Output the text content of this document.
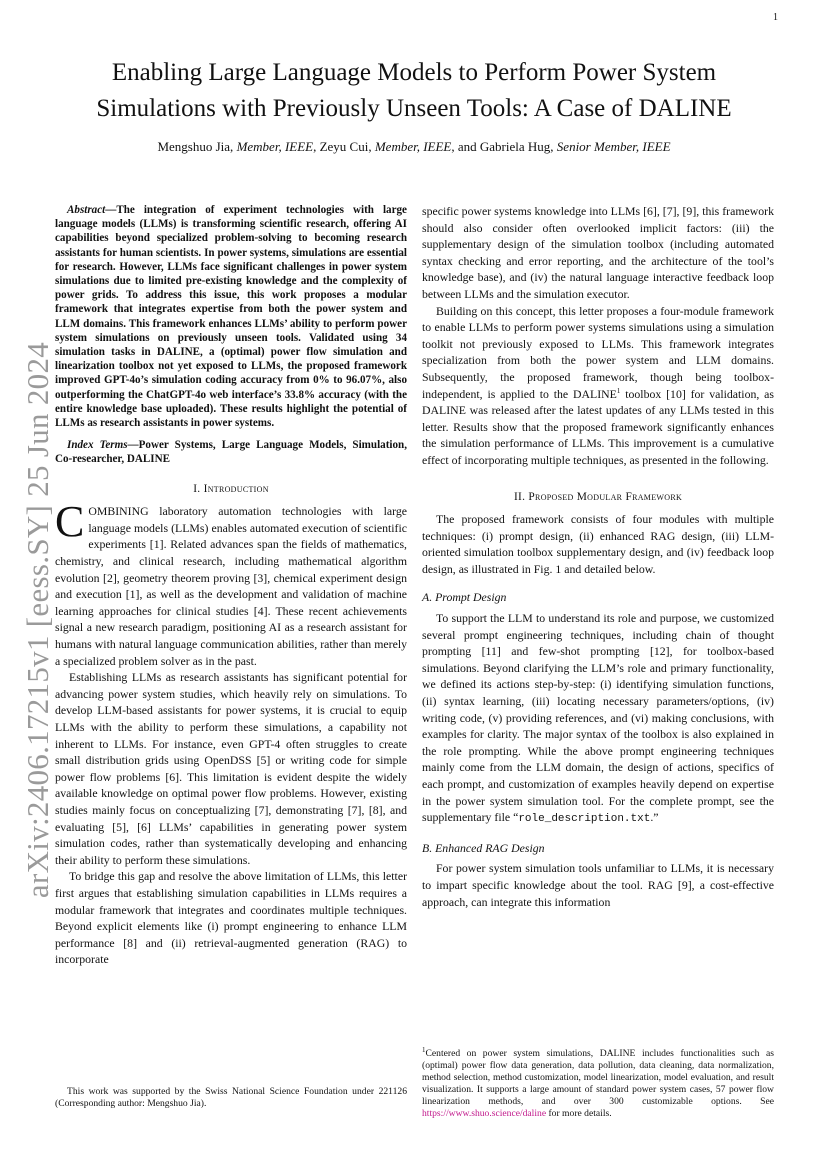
1
arXiv:2406.17215v1 [eess.SY] 25 Jun 2024
Enabling Large Language Models to Perform Power System
Simulations with Previously Unseen Tools: A Case of DALINE
Mengshuo Jia, Member, IEEE, Zeyu Cui, Member, IEEE, and Gabriela Hug, Senior Member, IEEE

Abstract—The integration of experiment technologies with large language models (LLMs) is transforming scientific research, offering AI capabilities beyond specialized problem-solving to becoming research assistants for human scientists. In power systems, simulations are essential for research. However, LLMs face significant challenges in power system simulations due to limited pre-existing knowledge and the complexity of power grids. To address this issue, this work proposes a modular framework that integrates expertise from both the power system and LLM domains. This framework enhances LLMs’ ability to perform power system simulations on previously unseen tools. Validated using 34 simulation tasks in DALINE, a (optimal) power flow simulation and linearization toolbox not yet exposed to LLMs, the proposed framework improved GPT-4o’s simulation coding accuracy from 0% to 96.07%, also outperforming the ChatGPT-4o web interface’s 33.8% accuracy (with the entire knowledge base uploaded). These results highlight the potential of LLMs as research assistants in power systems.

Index Terms—Power Systems, Large Language Models, Simulation, Co-researcher, DALINE

I. Introduction

COMBINING laboratory automation technologies with large language models (LLMs) enables automated execution of scientific experiments [1]. Related advances span the fields of mathematics, chemistry, and clinical research, including mathematical algorithm evolution [2], geometry theorem proving [3], chemical experiment design and execution [1], as well as the development and validation of machine learning approaches for clinical studies [4]. These recent achievements signal a new research paradigm, positioning AI as a research assistant for humans with natural language communication abilities, rather than merely a specialized problem solver as in the past.

Establishing LLMs as research assistants has significant potential for advancing power system studies, which heavily rely on simulations. To develop LLM-based assistants for power systems, it is crucial to equip LLMs with the ability to perform these simulations, a capability not inherent to LLMs. For instance, even GPT-4 often struggles to create small distribution grids using OpenDSS [5] or writing code for simple power flow problems [6]. This limitation is evident despite the widely available knowledge on optimal power flow problems. However, existing studies mainly focus on conceptualizing [7], demonstrating [7], [8], and evaluating [5], [6] LLMs’ capabilities in generating power system simulation codes, rather than systematically developing and enhancing their ability to perform these simulations.

To bridge this gap and resolve the above limitation of LLMs, this letter first argues that establishing simulation capabilities in LLMs requires a modular framework that integrates and coordinates multiple techniques. Beyond explicit elements like (i) prompt engineering to enhance LLM performance [8] and (ii) retrieval-augmented generation (RAG) to incorporate

This work was supported by the Swiss National Science Foundation under 221126 (Corresponding author: Mengshuo Jia).

specific power systems knowledge into LLMs [6], [7], [9], this framework should also consider often overlooked implicit factors: (iii) the supplementary design of the simulation toolbox (including automated syntax checking and error reporting, and the architecture of the tool’s knowledge base), and (iv) the natural language interactive feedback loop between LLMs and the simulation executor.

Building on this concept, this letter proposes a four-module framework to enable LLMs to perform power systems simulations using a simulation toolkit not previously exposed to LLMs. This framework integrates specialization from both the power system and LLM domains. Subsequently, the proposed framework, though being toolbox-independent, is applied to the DALINE$^1$ toolbox [10] for validation, as DALINE was released after the latest updates of any LLMs tested in this letter. Results show that the proposed framework significantly enhances the simulation performance of LLMs. This improvement is a cumulative effect of incorporating multiple techniques, as presented in the following.

II. Proposed Modular Framework

The proposed framework consists of four modules with multiple techniques: (i) prompt design, (ii) enhanced RAG design, (iii) LLM-oriented simulation toolbox supplementary design, and (iv) feedback loop design, as illustrated in Fig. 1 and detailed below.

A. Prompt Design

To support the LLM to understand its role and purpose, we customized several prompt engineering techniques, including chain of thought prompting [11] and few-shot prompting [12], for toolbox-based simulations. Beyond clarifying the LLM’s role and primary functionality, we defined its actions step-by-step: (i) identifying simulation functions, (ii) syntax learning, (iii) locating necessary parameters/options, (iv) writing code, (v) providing references, and (vi) making conclusions, with examples for clarity. The major syntax of the toolbox is also explained in the role prompting. While the above prompt engineering techniques mainly come from the LLM domain, the design of actions, specifics of each prompt, and customization of examples heavily depend on expertise in the power system simulation tool. For the complete prompt, see the supplementary file “role_description.txt.”

B. Enhanced RAG Design

For power system simulation tools unfamiliar to LLMs, it is necessary to impart specific knowledge about the tool. RAG [9], a cost-effective approach, can integrate this information

$^1$Centered on power system simulations, DALINE includes functionalities such as (optimal) power flow data generation, data pollution, data cleaning, data normalization, method selection, method customization, model linearization, model evaluation, and result visualization. It supports a large amount of standard power system cases, 57 power flow linearization methods, and over 300 customizable options. See https://www.shuo.science/daline for more details.
